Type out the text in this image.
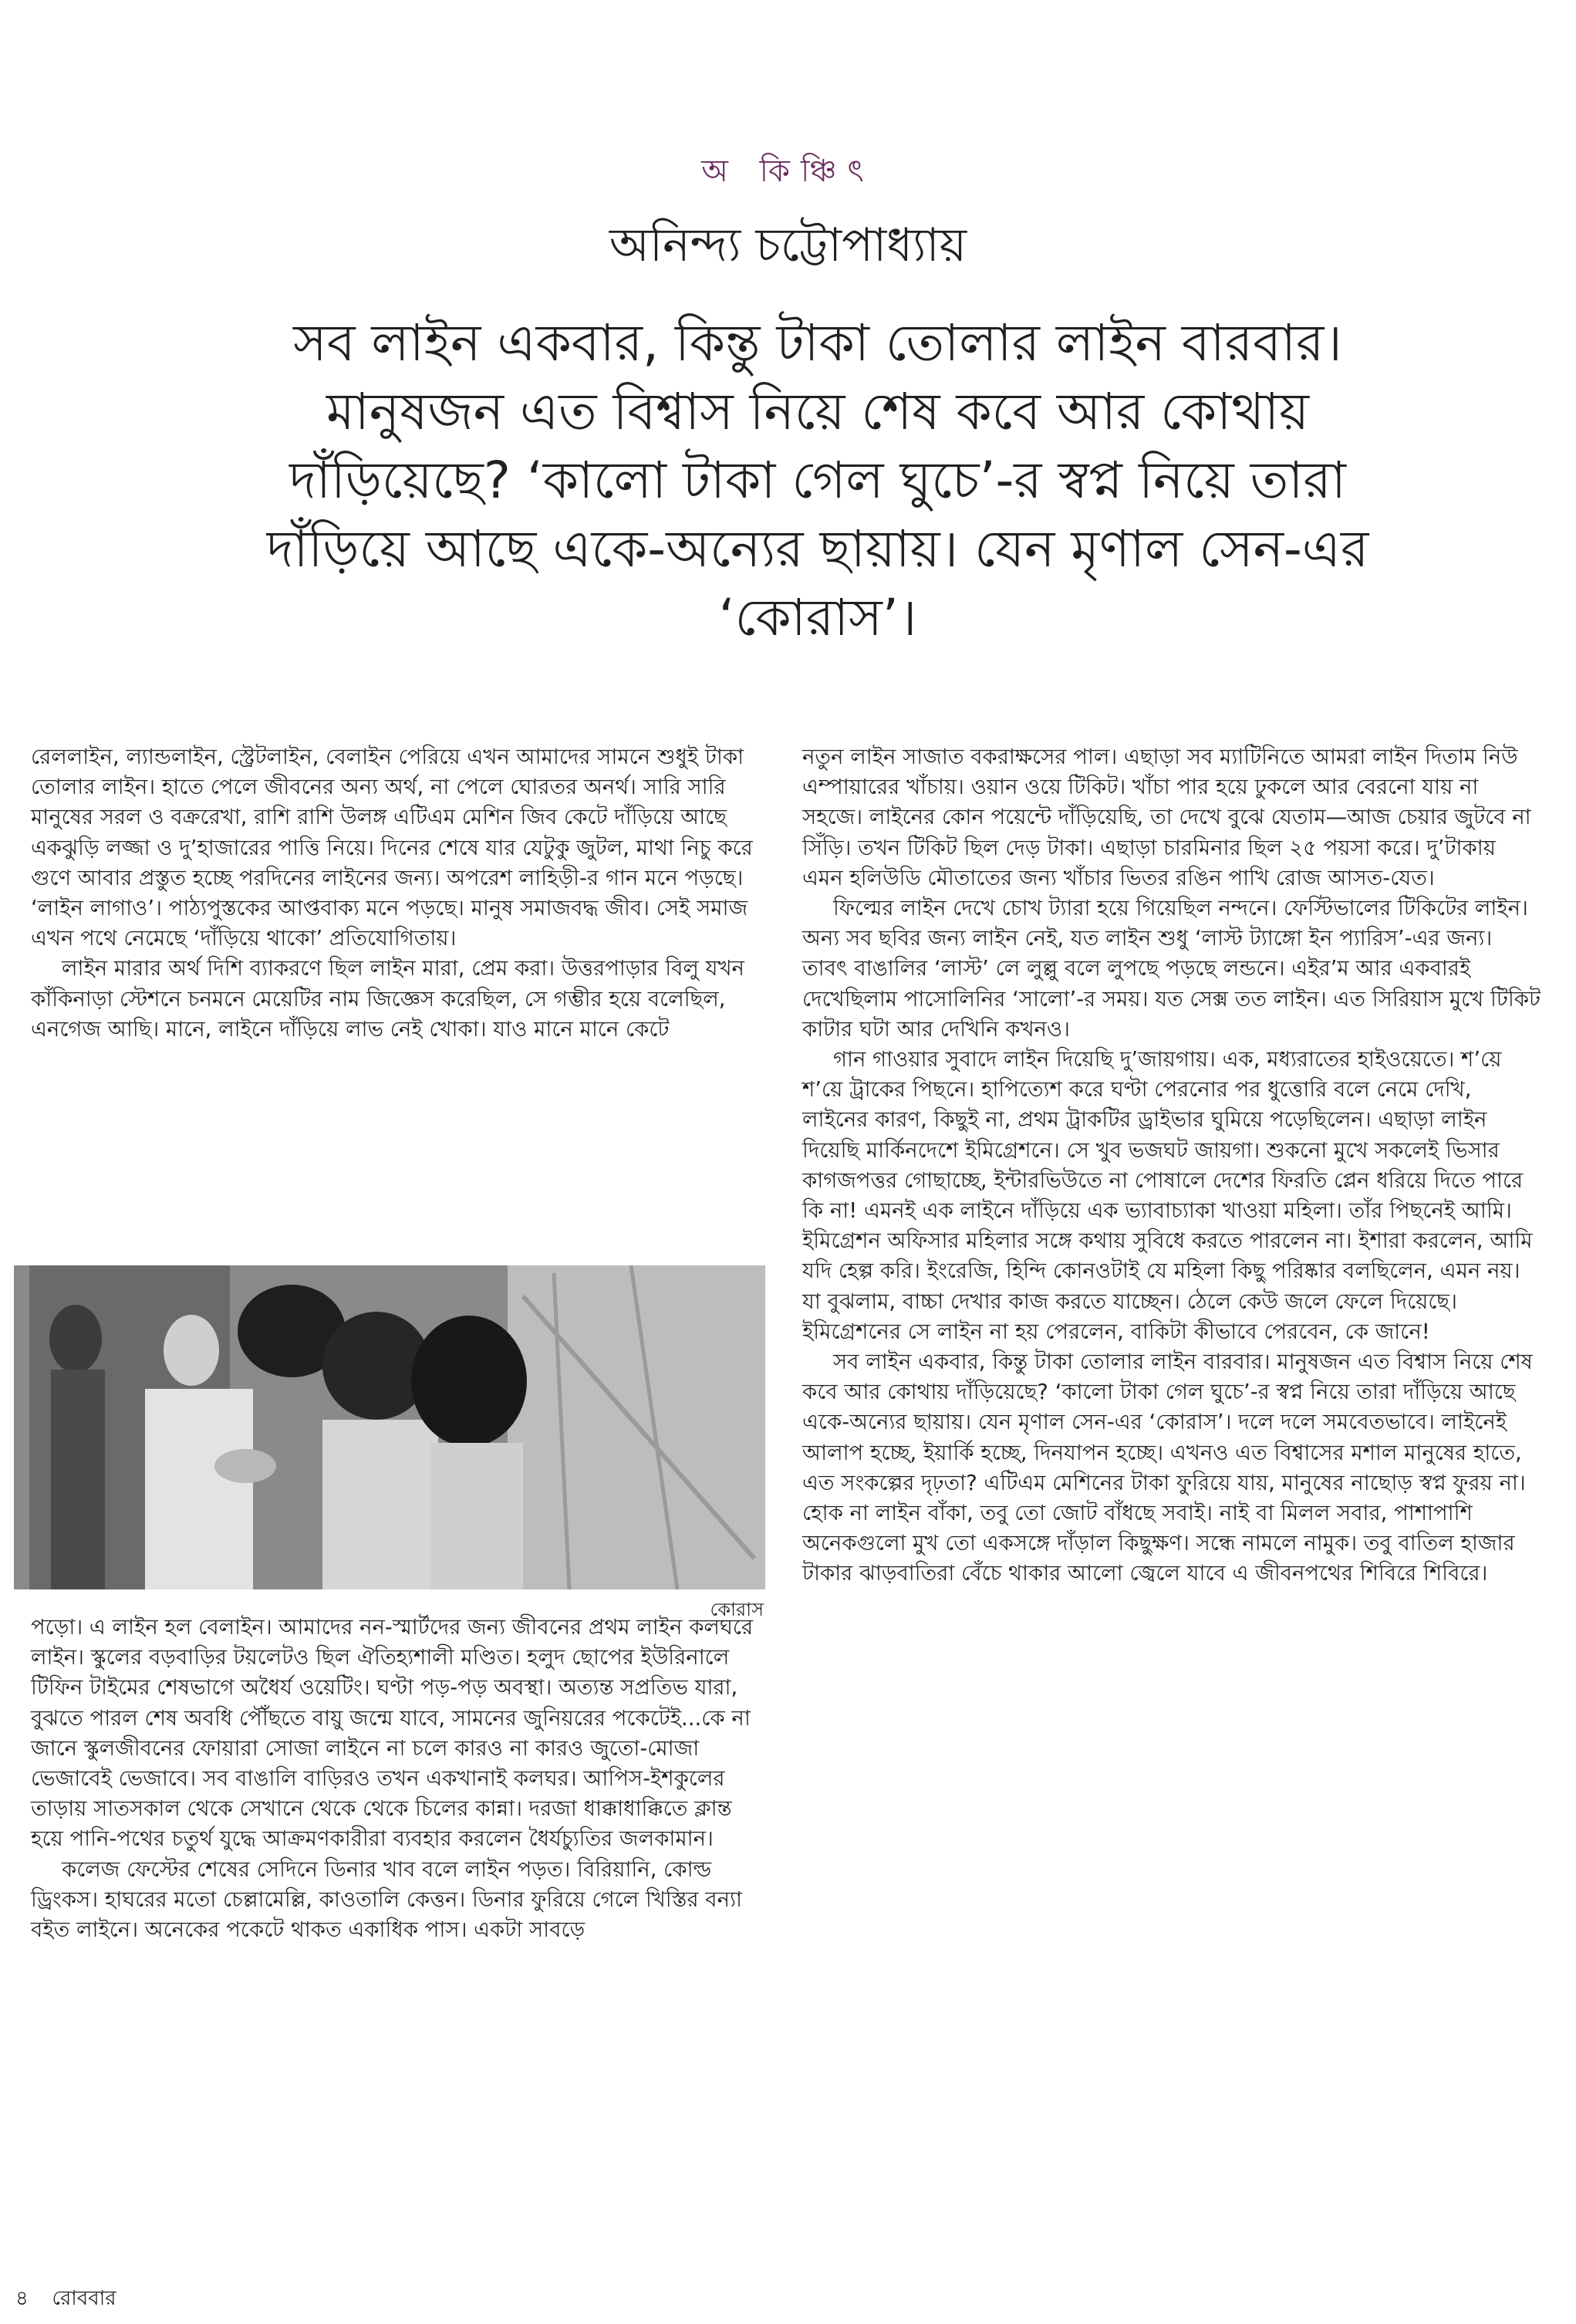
অ কিঞ্চিৎ
অনিন্দ্য চট্টোপাধ্যায়
সব লাইন একবার, কিন্তু টাকা তোলার লাইন বারবার। মানুষজন এত বিশ্বাস নিয়ে শেষ কবে আর কোথায় দাঁড়িয়েছে? ‘কালো টাকা গেল ঘুচে’-র স্বপ্ন নিয়ে তারা দাঁড়িয়ে আছে একে-অন্যের ছায়ায়। যেন মৃণাল সেন-এর ‘কোরাস’।

রেললাইন, ল্যান্ডলাইন, স্ট্রেটলাইন, বেলাইন পেরিয়ে এখন আমাদের সামনে শুধুই টাকা তোলার লাইন। হাতে পেলে জীবনের অন্য অর্থ, না পেলে ঘোরতর অনর্থ। সারি সারি মানুষের সরল ও বক্ররেখা, রাশি রাশি উলঙ্গ এটিএম মেশিন জিব কেটে দাঁড়িয়ে আছে একঝুড়ি লজ্জা ও দু’হাজারের পাত্তি নিয়ে। দিনের শেষে যার যেটুকু জুটল, মাথা নিচু করে গুণে আবার প্রস্তুত হচ্ছে পরদিনের লাইনের জন্য। অপরেশ লাহিড়ী-র গান মনে পড়ছে। ‘লাইন লাগাও’। পাঠ্যপুস্তকের আপ্তবাক্য মনে পড়ছে। মানুষ সমাজবদ্ধ জীব। সেই সমাজ এখন পথে নেমেছে ‘দাঁড়িয়ে থাকো’ প্রতিযোগিতায়।

লাইন মারার অর্থ দিশি ব্যাকরণে ছিল লাইন মারা, প্রেম করা। উত্তরপাড়ার বিলু যখন কাঁকিনাড়া স্টেশনে চনমনে মেয়েটির নাম জিজ্ঞেস করেছিল, সে গম্ভীর হয়ে বলেছিল, এনগেজ আছি। মানে, লাইনে দাঁড়িয়ে লাভ নেই খোকা। যাও মানে মানে কেটে

কোরাস

পড়ো। এ লাইন হল বেলাইন। আমাদের নন-স্মার্টদের জন্য জীবনের প্রথম লাইন কলঘরে লাইন। স্কুলের বড়বাড়ির টয়লেটও ছিল ঐতিহ্যশালী মণ্ডিত। হলুদ ছোপের ইউরিনালে টিফিন টাইমের শেষভাগে অধৈর্য ওয়েটিং। ঘণ্টা পড়-পড় অবস্থা। অত্যন্ত সপ্রতিভ যারা, বুঝতে পারল শেষ অবধি পৌঁছতে বায়ু জন্মে যাবে, সামনের জুনিয়রের পকেটেই...কে না জানে স্কুলজীবনের ফোয়ারা সোজা লাইনে না চলে কারও না কারও জুতো-মোজা ভেজাবেই ভেজাবে। সব বাঙালি বাড়িরও তখন একখানাই কলঘর। আপিস-ইশকুলের তাড়ায় সাতসকাল থেকে সেখানে থেকে থেকে চিলের কান্না। দরজা ধাক্কাধাক্কিতে ক্লান্ত হয়ে পানি-পথের চতুর্থ যুদ্ধে আক্রমণকারীরা ব্যবহার করলেন ধৈর্যচ্যুতির জলকামান।

কলেজ ফেস্টের শেষের সেদিনে ডিনার খাব বলে লাইন পড়ত। বিরিয়ানি, কোল্ড ড্রিংকস। হাঘরের মতো চেল্লামেল্লি, কাওতালি কেত্তন। ডিনার ফুরিয়ে গেলে খিস্তির বন্যা বইত লাইনে। অনেকের পকেটে থাকত একাধিক পাস। একটা সাবড়ে

নতুন লাইন সাজাত বকরাক্ষসের পাল। এছাড়া সব ম্যাটিনিতে আমরা লাইন দিতাম নিউ এম্পায়ারের খাঁচায়। ওয়ান ওয়ে টিকিট। খাঁচা পার হয়ে ঢুকলে আর বেরনো যায় না সহজে। লাইনের কোন পয়েন্টে দাঁড়িয়েছি, তা দেখে বুঝে যেতাম—আজ চেয়ার জুটবে না সিঁড়ি। তখন টিকিট ছিল দেড় টাকা। এছাড়া চারমিনার ছিল ২৫ পয়সা করে। দু’টাকায় এমন হলিউডি মৌতাতের জন্য খাঁচার ভিতর রঙিন পাখি রোজ আসত-যেত।

ফিল্মের লাইন দেখে চোখ ট্যারা হয়ে গিয়েছিল নন্দনে। ফেস্টিভালের টিকিটের লাইন। অন্য সব ছবির জন্য লাইন নেই, যত লাইন শুধু ‘লাস্ট ট্যাঙ্গো ইন প্যারিস’-এর জন্য। তাবৎ বাঙালির ‘লাস্ট’ লে লুল্লু বলে লুপছে পড়ছে লন্ডনে। এইর’ম আর একবারই দেখেছিলাম পাসোলিনির ‘সালো’-র সময়। যত সেক্স তত লাইন। এত সিরিয়াস মুখে টিকিট কাটার ঘটা আর দেখিনি কখনও।

গান গাওয়ার সুবাদে লাইন দিয়েছি দু’জায়গায়। এক, মধ্যরাতের হাইওয়েতে। শ’য়ে শ’য়ে ট্রাকের পিছনে। হাপিত্যেশ করে ঘণ্টা পেরনোর পর ধুত্তোরি বলে নেমে দেখি, লাইনের কারণ, কিছুই না, প্রথম ট্রাকটির ড্রাইভার ঘুমিয়ে পড়েছিলেন। এছাড়া লাইন দিয়েছি মার্কিনদেশে ইমিগ্রেশনে। সে খুব ভজঘট জায়গা। শুকনো মুখে সকলেই ভিসার কাগজপত্তর গোছাচ্ছে, ইন্টারভিউতে না পোষালে দেশের ফিরতি প্লেন ধরিয়ে দিতে পারে কি না! এমনই এক লাইনে দাঁড়িয়ে এক ভ্যাবাচ্যাকা খাওয়া মহিলা। তাঁর পিছনেই আমি। ইমিগ্রেশন অফিসার মহিলার সঙ্গে কথায় সুবিধে করতে পারলেন না। ইশারা করলেন, আমি যদি হেল্প করি। ইংরেজি, হিন্দি কোনওটাই যে মহিলা কিছু পরিষ্কার বলছিলেন, এমন নয়। যা বুঝলাম, বাচ্চা দেখার কাজ করতে যাচ্ছেন। ঠেলে কেউ জলে ফেলে দিয়েছে। ইমিগ্রেশনের সে লাইন না হয় পেরলেন, বাকিটা কীভাবে পেরবেন, কে জানে!

সব লাইন একবার, কিন্তু টাকা তোলার লাইন বারবার। মানুষজন এত বিশ্বাস নিয়ে শেষ কবে আর কোথায় দাঁড়িয়েছে? ‘কালো টাকা গেল ঘুচে’-র স্বপ্ন নিয়ে তারা দাঁড়িয়ে আছে একে-অন্যের ছায়ায়। যেন মৃণাল সেন-এর ‘কোরাস’। দলে দলে সমবেতভাবে। লাইনেই আলাপ হচ্ছে, ইয়ার্কি হচ্ছে, দিনযাপন হচ্ছে। এখনও এত বিশ্বাসের মশাল মানুষের হাতে, এত সংকল্পের দৃঢ়তা? এটিএম মেশিনের টাকা ফুরিয়ে যায়, মানুষের নাছোড় স্বপ্ন ফুরয় না। হোক না লাইন বাঁকা, তবু তো জোট বাঁধছে সবাই। নাই বা মিলল সবার, পাশাপাশি অনেকগুলো মুখ তো একসঙ্গে দাঁড়াল কিছুক্ষণ। সন্ধে নামলে নামুক। তবু বাতিল হাজার টাকার ঝাড়বাতিরা বেঁচে থাকার আলো জ্বেলে যাবে এ জীবনপথের শিবিরে শিবিরে।

৪ রোববার
